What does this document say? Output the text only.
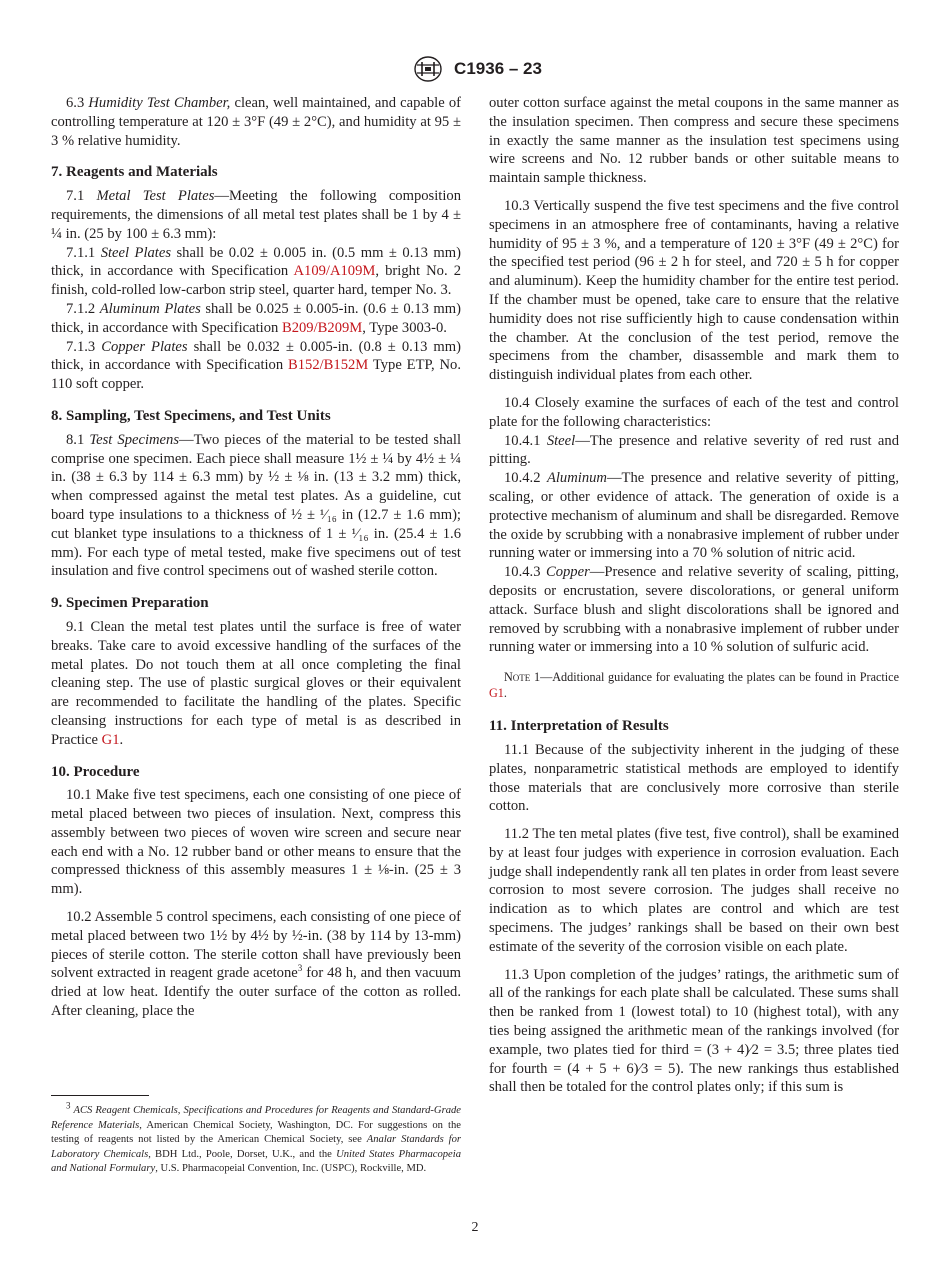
C1936 – 23

6.3 Humidity Test Chamber, clean, well maintained, and capable of controlling temperature at 120 ± 3°F (49 ± 2°C), and humidity at 95 ± 3 % relative humidity.

7. Reagents and Materials

7.1 Metal Test Plates—Meeting the following composition requirements, the dimensions of all metal test plates shall be 1 by 4 ± ¼ in. (25 by 100 ± 6.3 mm):

7.1.1 Steel Plates shall be 0.02 ± 0.005 in. (0.5 mm ± 0.13 mm) thick, in accordance with Specification A109/A109M, bright No. 2 finish, cold-rolled low-carbon strip steel, quarter hard, temper No. 3.

7.1.2 Aluminum Plates shall be 0.025 ± 0.005-in. (0.6 ± 0.13 mm) thick, in accordance with Specification B209/B209M, Type 3003-0.

7.1.3 Copper Plates shall be 0.032 ± 0.005-in. (0.8 ± 0.13 mm) thick, in accordance with Specification B152/B152M Type ETP, No. 110 soft copper.

8. Sampling, Test Specimens, and Test Units

8.1 Test Specimens—Two pieces of the material to be tested shall comprise one specimen. Each piece shall measure 1½ ± ¼ by 4½ ± ¼ in. (38 ± 6.3 by 114 ± 6.3 mm) by ½ ± ⅛ in. (13 ± 3.2 mm) thick, when compressed against the metal test plates. As a guideline, cut board type insulations to a thickness of ½ ± ¹⁄₁₆ in (12.7 ± 1.6 mm); cut blanket type insulations to a thickness of 1 ± ¹⁄₁₆ in. (25.4 ± 1.6 mm). For each type of metal tested, make five specimens out of test insulation and five control specimens out of washed sterile cotton.

9. Specimen Preparation

9.1 Clean the metal test plates until the surface is free of water breaks. Take care to avoid excessive handling of the surfaces of the metal plates. Do not touch them at all once completing the final cleaning step. The use of plastic surgical gloves or their equivalent are recommended to facilitate the handling of the plates. Specific cleansing instructions for each type of metal is as described in Practice G1.

10. Procedure

10.1 Make five test specimens, each one consisting of one piece of metal placed between two pieces of insulation. Next, compress this assembly between two pieces of woven wire screen and secure near each end with a No. 12 rubber band or other means to ensure that the compressed thickness of this assembly measures 1 ± ⅛-in. (25 ± 3 mm).

10.2 Assemble 5 control specimens, each consisting of one piece of metal placed between two 1½ by 4½ by ½-in. (38 by 114 by 13-mm) pieces of sterile cotton. The sterile cotton shall have previously been solvent extracted in reagent grade acetone$^3$ for 48 h, and then vacuum dried at low heat. Identify the outer surface of the cotton as rolled. After cleaning, place the

$^3$ ACS Reagent Chemicals, Specifications and Procedures for Reagents and Standard-Grade Reference Materials, American Chemical Society, Washington, DC. For suggestions on the testing of reagents not listed by the American Chemical Society, see Analar Standards for Laboratory Chemicals, BDH Ltd., Poole, Dorset, U.K., and the United States Pharmacopeia and National Formulary, U.S. Pharmacopeial Convention, Inc. (USPC), Rockville, MD.

outer cotton surface against the metal coupons in the same manner as the insulation specimen. Then compress and secure these specimens in exactly the same manner as the insulation test specimens using wire screens and No. 12 rubber bands or other suitable means to maintain sample thickness.

10.3 Vertically suspend the five test specimens and the five control specimens in an atmosphere free of contaminants, having a relative humidity of 95 ± 3 %, and a temperature of 120 ± 3°F (49 ± 2°C) for the specified test period (96 ± 2 h for steel, and 720 ± 5 h for copper and aluminum). Keep the humidity chamber for the entire test period. If the chamber must be opened, take care to ensure that the relative humidity does not rise sufficiently high to cause condensation within the chamber. At the conclusion of the test period, remove the specimens from the chamber, disassemble and mark them to distinguish individual plates from each other.

10.4 Closely examine the surfaces of each of the test and control plate for the following characteristics:

10.4.1 Steel—The presence and relative severity of red rust and pitting.

10.4.2 Aluminum—The presence and relative severity of pitting, scaling, or other evidence of attack. The generation of oxide is a protective mechanism of aluminum and shall be disregarded. Remove the oxide by scrubbing with a nonabrasive implement of rubber under running water or immersing into a 70 % solution of nitric acid.

10.4.3 Copper—Presence and relative severity of scaling, pitting, deposits or encrustation, severe discolorations, or general uniform attack. Surface blush and slight discolorations shall be ignored and removed by scrubbing with a nonabrasive implement of rubber under running water or immersing into a 10 % solution of sulfuric acid.

Note 1—Additional guidance for evaluating the plates can be found in Practice G1.
11. Interpretation of Results

11.1 Because of the subjectivity inherent in the judging of these plates, nonparametric statistical methods are employed to identify those materials that are conclusively more corrosive than sterile cotton.

11.2 The ten metal plates (five test, five control), shall be examined by at least four judges with experience in corrosion evaluation. Each judge shall independently rank all ten plates in order from least severe corrosion to most severe corrosion. The judges shall receive no indication as to which plates are control and which are test specimens. The judges’ rankings shall be based on their own best estimate of the severity of the corrosion visible on each plate.

11.3 Upon completion of the judges’ ratings, the arithmetic sum of all of the rankings for each plate shall be calculated. These sums shall then be ranked from 1 (lowest total) to 10 (highest total), with any ties being assigned the arithmetic mean of the rankings involved (for example, two plates tied for third = (3 + 4)⁄2 = 3.5; three plates tied for fourth = (4 + 5 + 6)⁄3 = 5). The new rankings thus established shall then be totaled for the control plates only; if this sum is

2
